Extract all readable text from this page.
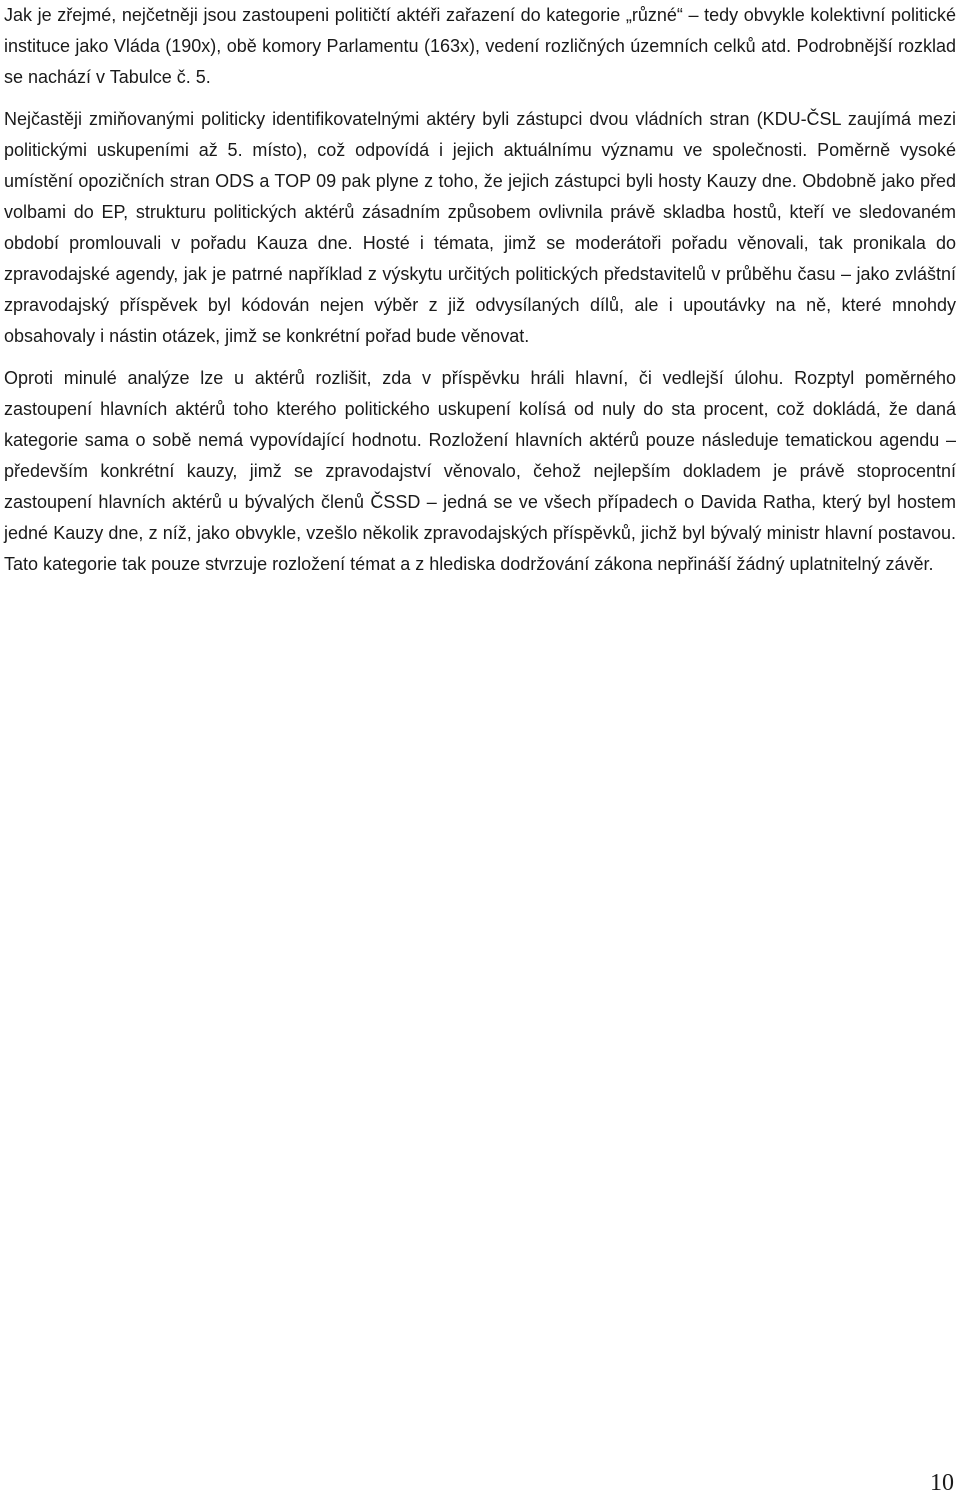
Jak je zřejmé, nejčetněji jsou zastoupeni političtí aktéři zařazení do kategorie „různé“ – tedy obvykle kolektivní politické instituce jako Vláda (190x), obě komory Parlamentu (163x), vedení rozličných územních celků atd. Podrobnější rozklad se nachází v Tabulce č. 5.

Nejčastěji zmiňovanými politicky identifikovatelnými aktéry byli zástupci dvou vládních stran (KDU-ČSL zaujímá mezi politickými uskupeními až 5. místo), což odpovídá i jejich aktuálnímu významu ve společnosti. Poměrně vysoké umístění opozičních stran ODS a TOP 09 pak plyne z toho, že jejich zástupci byli hosty Kauzy dne. Obdobně jako před volbami do EP, strukturu politických aktérů zásadním způsobem ovlivnila právě skladba hostů, kteří ve sledovaném období promlouvali v pořadu Kauza dne. Hosté i témata, jimž se moderátoři pořadu věnovali, tak pronikala do zpravodajské agendy, jak je patrné například z výskytu určitých politických představitelů v průběhu času – jako zvláštní zpravodajský příspěvek byl kódován nejen výběr z již odvysílaných dílů, ale i upoutávky na ně, které mnohdy obsahovaly i nástin otázek, jimž se konkrétní pořad bude věnovat.

Oproti minulé analýze lze u aktérů rozlišit, zda v příspěvku hráli hlavní, či vedlejší úlohu. Rozptyl poměrného zastoupení hlavních aktérů toho kterého politického uskupení kolísá od nuly do sta procent, což dokládá, že daná kategorie sama o sobě nemá vypovídající hodnotu. Rozložení hlavních aktérů pouze následuje tematickou agendu – především konkrétní kauzy, jimž se zpravodajství věnovalo, čehož nejlepším dokladem je právě stoprocentní zastoupení hlavních aktérů u bývalých členů ČSSD – jedná se ve všech případech o Davida Ratha, který byl hostem jedné Kauzy dne, z níž, jako obvykle, vzešlo několik zpravodajských příspěvků, jichž byl bývalý ministr hlavní postavou. Tato kategorie tak pouze stvrzuje rozložení témat a z hlediska dodržování zákona nepřináší žádný uplatnitelný závěr.

10
